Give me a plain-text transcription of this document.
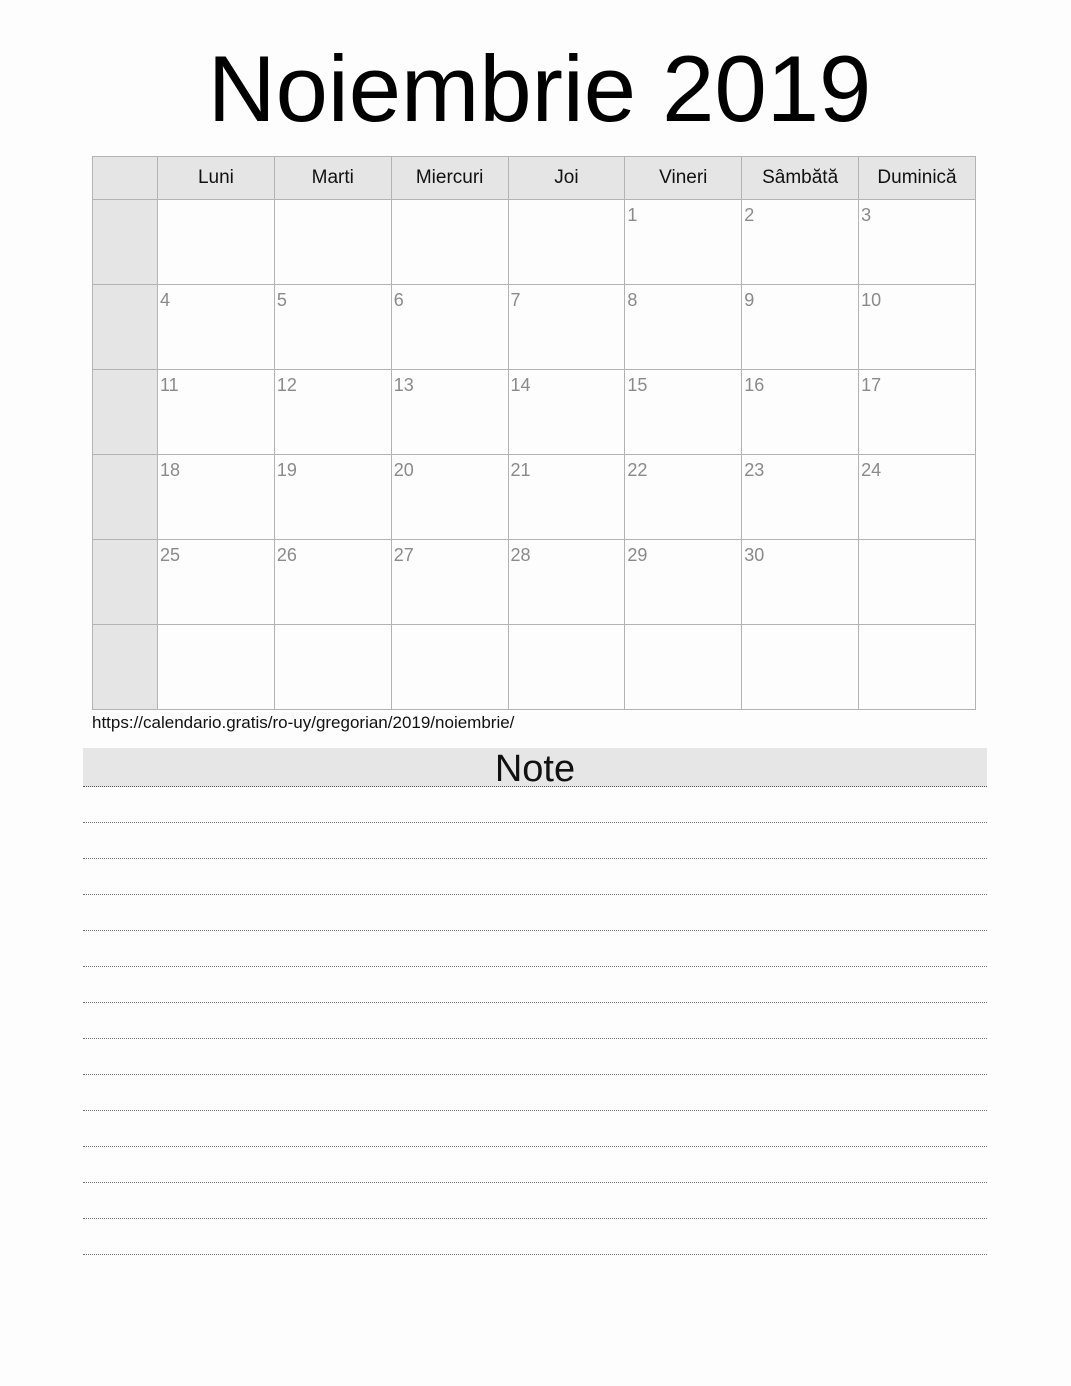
Noiembrie 2019
	Luni	Marti	Miercuri	Joi	Vineri	Sâmbătă	Duminică

					1	2	3

	4	5	6	7	8	9	10

	11	12	13	14	15	16	17

	18	19	20	21	22	23	24

	25	26	27	28	29	30	

https://calendario.gratis/ro-uy/gregorian/2019/noiembrie/
Note
